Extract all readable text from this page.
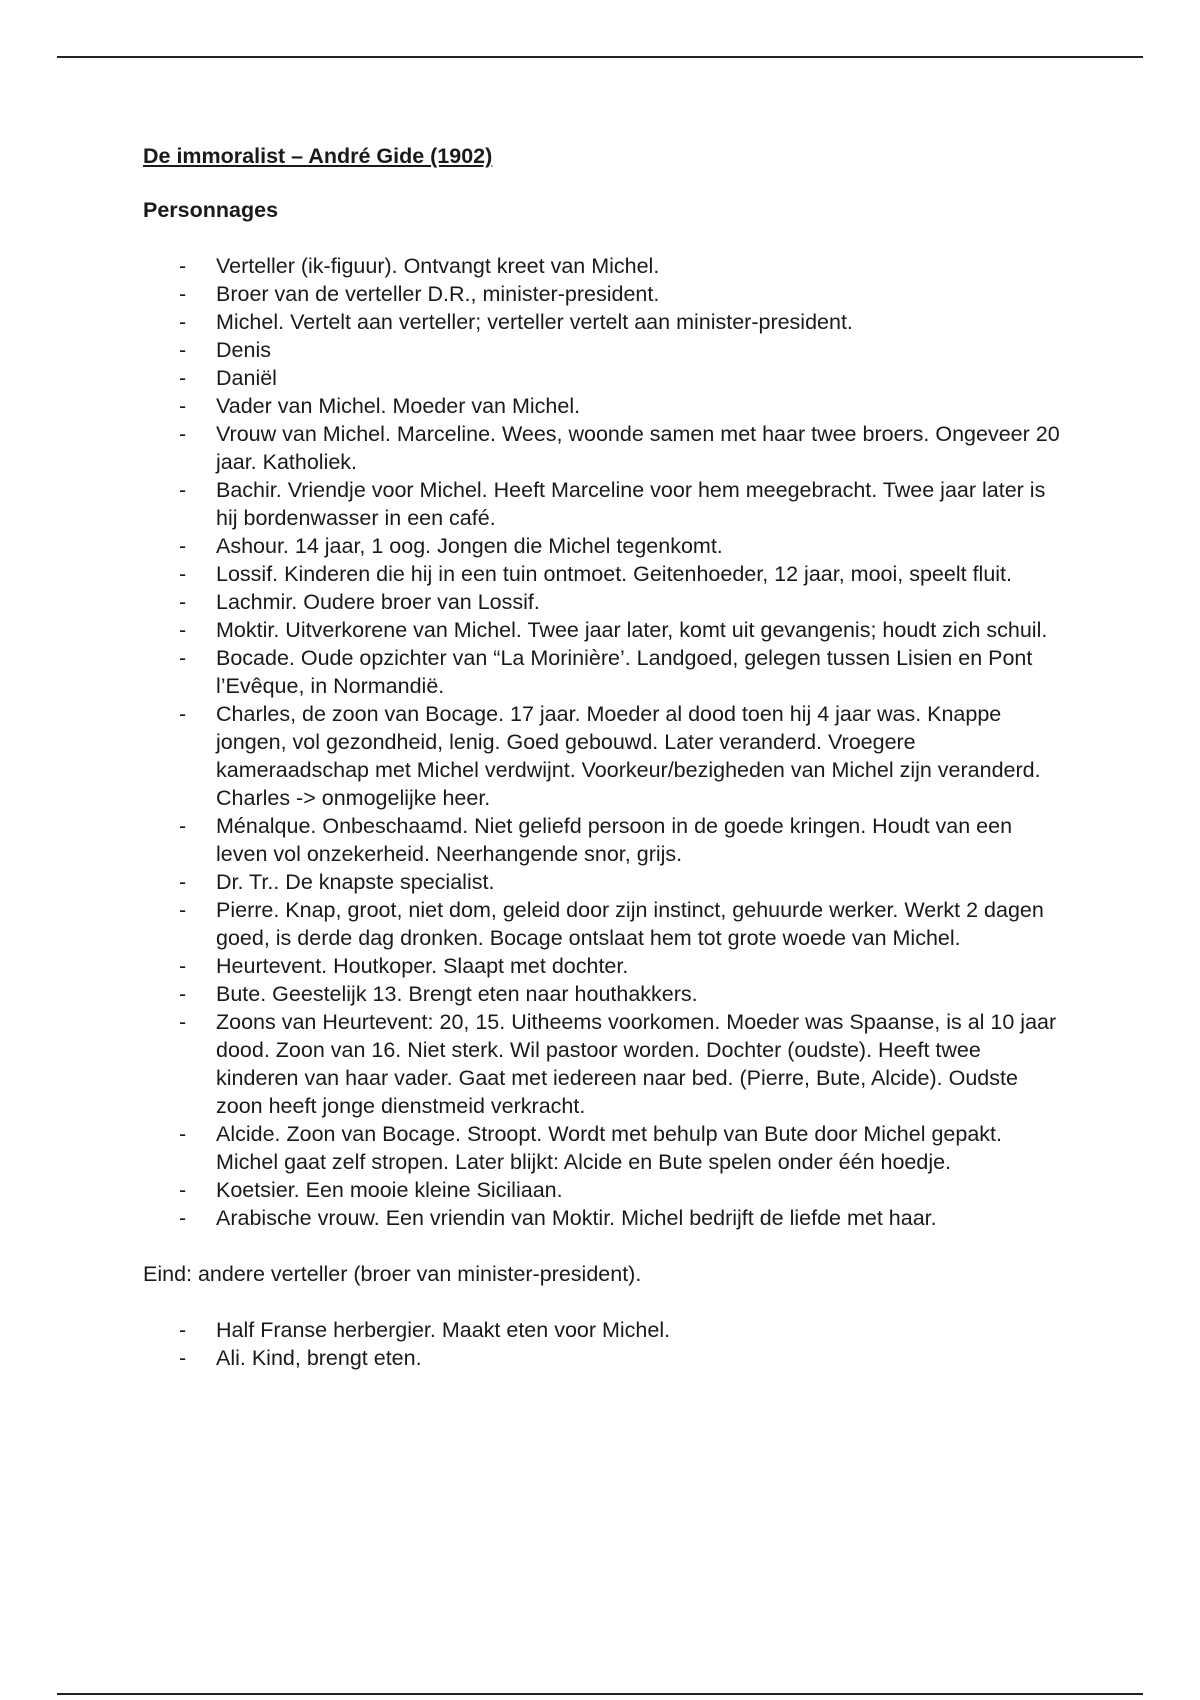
De immoralist – André Gide (1902)

Personnages

- Verteller (ik-figuur). Ontvangt kreet van Michel.
- Broer van de verteller D.R., minister-president.
- Michel. Vertelt aan verteller; verteller vertelt aan minister-president.
- Denis
- Daniël
- Vader van Michel. Moeder van Michel.
- Vrouw van Michel. Marceline. Wees, woonde samen met haar twee broers. Ongeveer 20 jaar. Katholiek.
- Bachir. Vriendje voor Michel. Heeft Marceline voor hem meegebracht. Twee jaar later is hij bordenwasser in een café.
- Ashour. 14 jaar, 1 oog. Jongen die Michel tegenkomt.
- Lossif. Kinderen die hij in een tuin ontmoet. Geitenhoeder, 12 jaar, mooi, speelt fluit.
- Lachmir. Oudere broer van Lossif.
- Moktir. Uitverkorene van Michel. Twee jaar later, komt uit gevangenis; houdt zich schuil.
- Bocade. Oude opzichter van “La Morinière’. Landgoed, gelegen tussen Lisien en Pont l’Evêque, in Normandië.
- Charles, de zoon van Bocage. 17 jaar. Moeder al dood toen hij 4 jaar was. Knappe jongen, vol gezondheid, lenig. Goed gebouwd. Later veranderd. Vroegere kameraadschap met Michel verdwijnt. Voorkeur/bezigheden van Michel zijn veranderd. Charles -> onmogelijke heer.
- Ménalque. Onbeschaamd. Niet geliefd persoon in de goede kringen. Houdt van een leven vol onzekerheid. Neerhangende snor, grijs.
- Dr. Tr.. De knapste specialist.
- Pierre. Knap, groot, niet dom, geleid door zijn instinct, gehuurde werker. Werkt 2 dagen goed, is derde dag dronken. Bocage ontslaat hem tot grote woede van Michel.
- Heurtevent. Houtkoper. Slaapt met dochter.
- Bute. Geestelijk 13. Brengt eten naar houthakkers.
- Zoons van Heurtevent: 20, 15. Uitheems voorkomen. Moeder was Spaanse, is al 10 jaar dood. Zoon van 16. Niet sterk. Wil pastoor worden. Dochter (oudste). Heeft twee kinderen van haar vader. Gaat met iedereen naar bed. (Pierre, Bute, Alcide). Oudste zoon heeft jonge dienstmeid verkracht.
- Alcide. Zoon van Bocage. Stroopt. Wordt met behulp van Bute door Michel gepakt. Michel gaat zelf stropen. Later blijkt: Alcide en Bute spelen onder één hoedje.
- Koetsier. Een mooie kleine Siciliaan.
- Arabische vrouw. Een vriendin van Moktir. Michel bedrijft de liefde met haar.

Eind: andere verteller (broer van minister-president).

- Half Franse herbergier. Maakt eten voor Michel.
- Ali. Kind, brengt eten.
